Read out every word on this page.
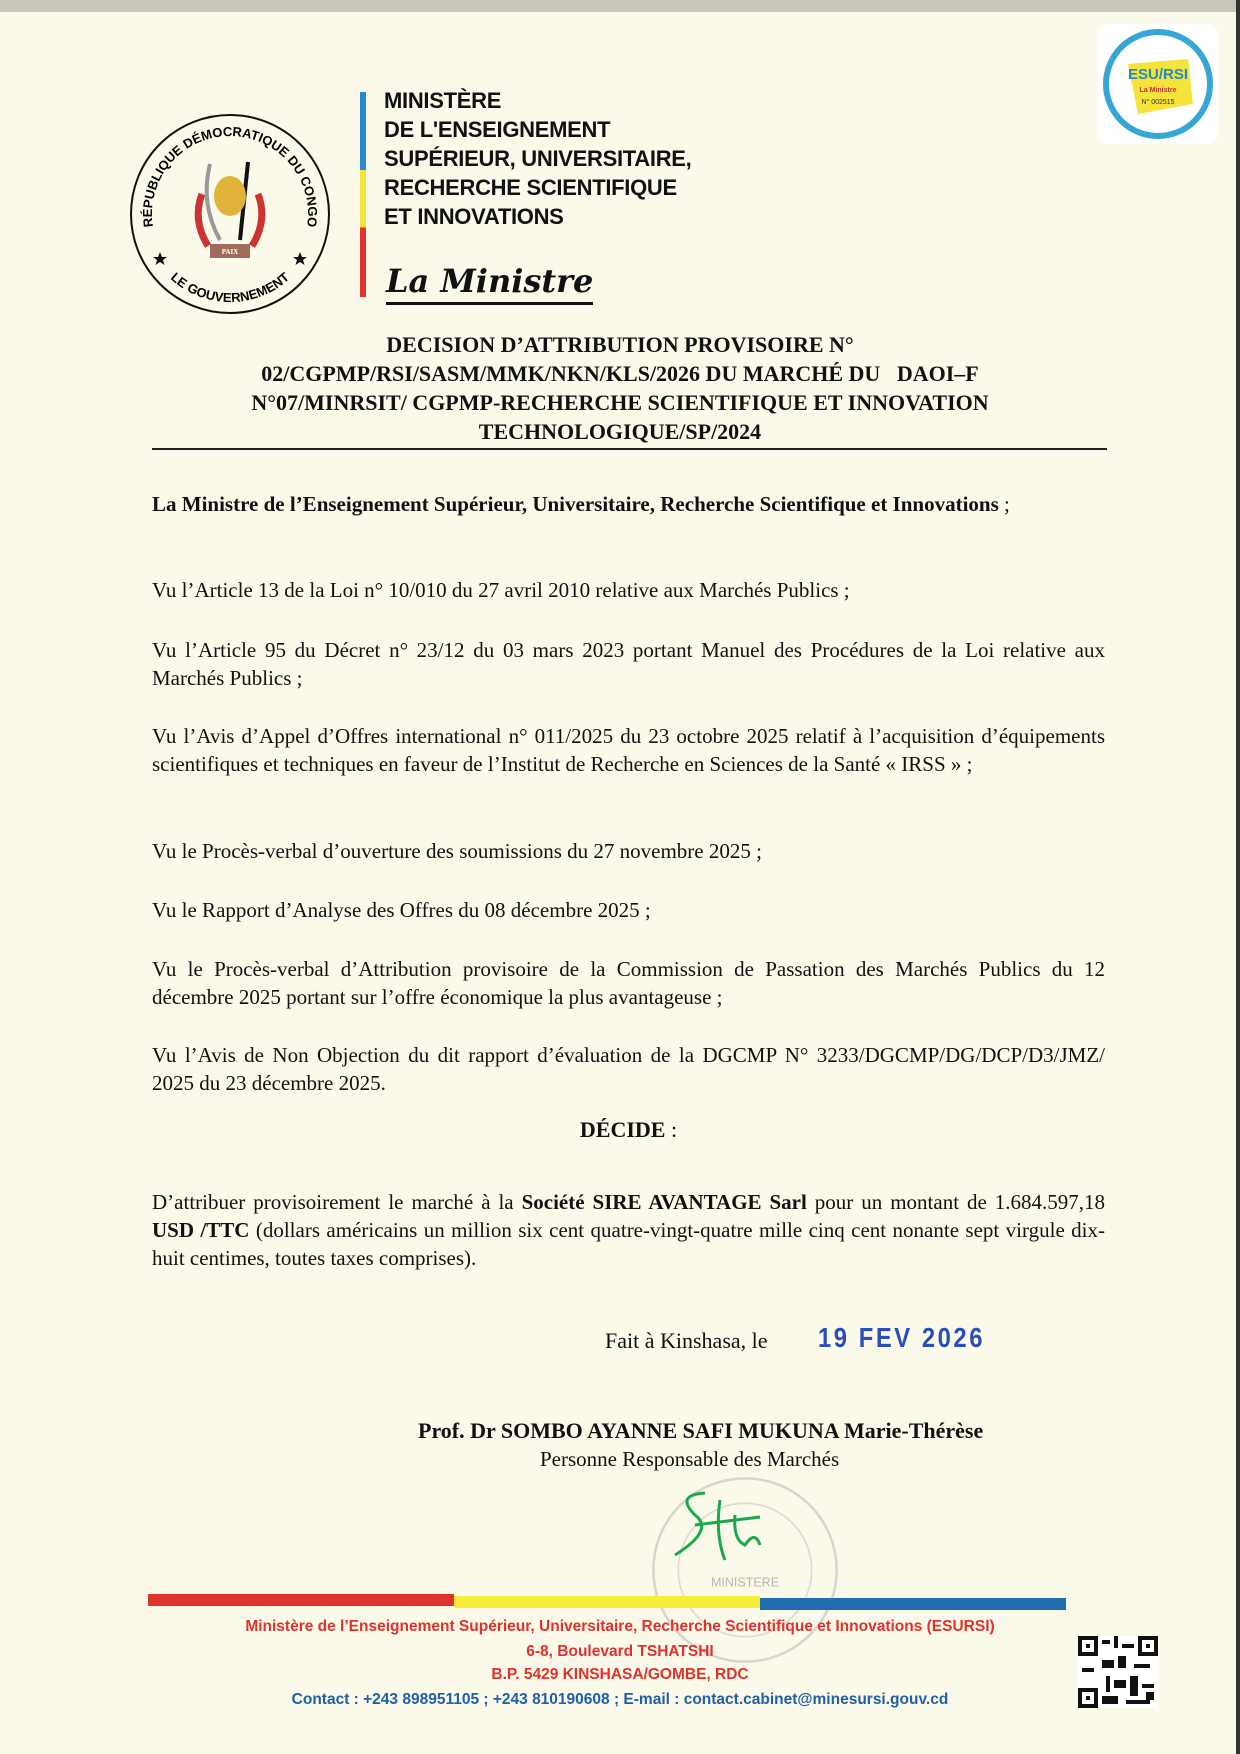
RÉPUBLIQUE DÉMOCRATIQUE DU CONGO
LE GOUVERNEMENT
PAIX
MINISTÈRE
DE L'ENSEIGNEMENT
SUPÉRIEUR, UNIVERSITAIRE,
RECHERCHE SCIENTIFIQUE
ET INNOVATIONS
La Ministre
ESU/RSI
La Ministre
N° 002515
DECISION D’ATTRIBUTION PROVISOIRE N°
02/CGPMP/RSI/SASM/MMK/NKN/KLS/2026 DU MARCHÉ DU   DAOI–F
N°07/MINRSIT/ CGPMP-RECHERCHE SCIENTIFIQUE ET INNOVATION
TECHNOLOGIQUE/SP/2024
La Ministre de l’Enseignement Supérieur, Universitaire, Recherche Scientifique et Innovations ;
Vu l’Article 13 de la Loi n° 10/010 du 27 avril 2010 relative aux Marchés Publics ;
Vu l’Article 95 du Décret n° 23/12 du 03 mars 2023 portant Manuel des Procédures de la Loi relative aux Marchés Publics ;
Vu l’Avis d’Appel d’Offres international n° 011/2025 du 23 octobre 2025 relatif à l’acquisition d’équipements scientifiques et techniques en faveur de l’Institut de Recherche en Sciences de la Santé « IRSS » ;
Vu le Procès-verbal d’ouverture des soumissions du 27 novembre 2025 ;
Vu le Rapport d’Analyse des Offres du 08 décembre 2025 ;
Vu le Procès-verbal d’Attribution provisoire de la Commission de Passation des Marchés Publics du 12 décembre 2025 portant sur l’offre économique la plus avantageuse ;
Vu l’Avis de Non Objection du dit rapport d’évaluation de la DGCMP N° 3233/DGCMP/DG/DCP/D3/JMZ/ 2025 du 23 décembre 2025.
DÉCIDE :
D’attribuer provisoirement le marché à la Société SIRE AVANTAGE Sarl pour un montant de 1.684.597,18 USD /TTC (dollars américains un million six cent quatre-vingt-quatre mille cinq cent nonante sept virgule dix-huit centimes, toutes taxes comprises).
Fait à Kinshasa, le 19 FEV 2026
MINISTERE
Prof. Dr SOMBO AYANNE SAFI MUKUNA Marie-Thérèse
Personne Responsable des Marchés
Ministère de l’Enseignement Supérieur, Universitaire, Recherche Scientifique et Innovations (ESURSI)
6-8, Boulevard TSHATSHI
B.P. 5429 KINSHASA/GOMBE, RDC
Contact : +243 898951105 ; +243 810190608 ; E-mail : contact.cabinet@minesursi.gouv.cd
